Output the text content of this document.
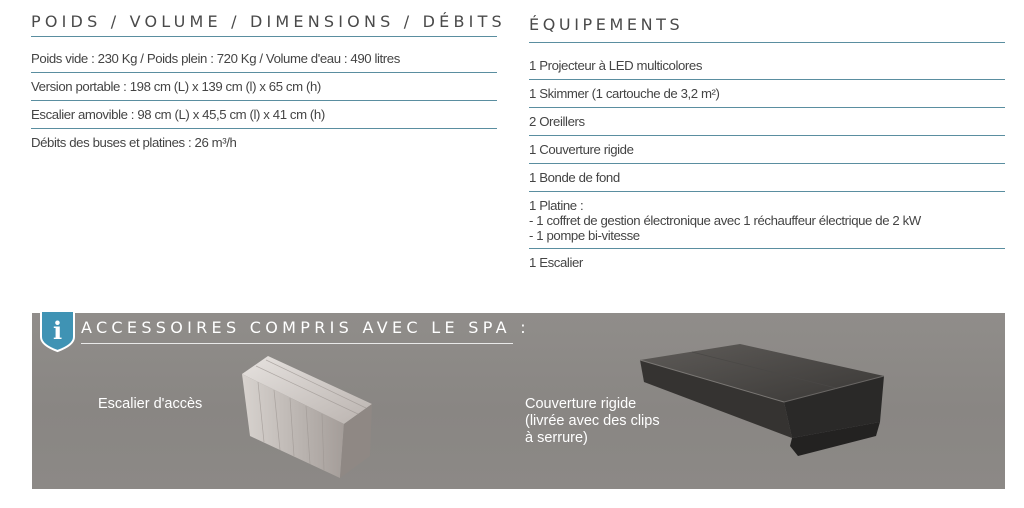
POIDS / VOLUME / DIMENSIONS / DÉBITS
Poids vide : 230 Kg / Poids plein : 720 Kg / Volume d'eau : 490 litres
Version portable : 198 cm (L) x 139 cm (l) x 65 cm (h)
Escalier amovible : 98 cm (L) x 45,5 cm (l) x 41 cm (h)
Débits des buses et platines : 26 m³/h
ÉQUIPEMENTS
1 Projecteur à LED multicolores
1 Skimmer (1 cartouche de 3,2 m²)
2 Oreillers
1 Couverture rigide
1 Bonde de fond
1 Platine :
- 1 coffret de gestion électronique avec 1 réchauffeur électrique de 2 kW
- 1 pompe bi-vitesse
1 Escalier
i ACCESSOIRES COMPRIS AVEC LE SPA :
Escalier d'accès	Couverture rigide
(livrée avec des clips
à serrure)
